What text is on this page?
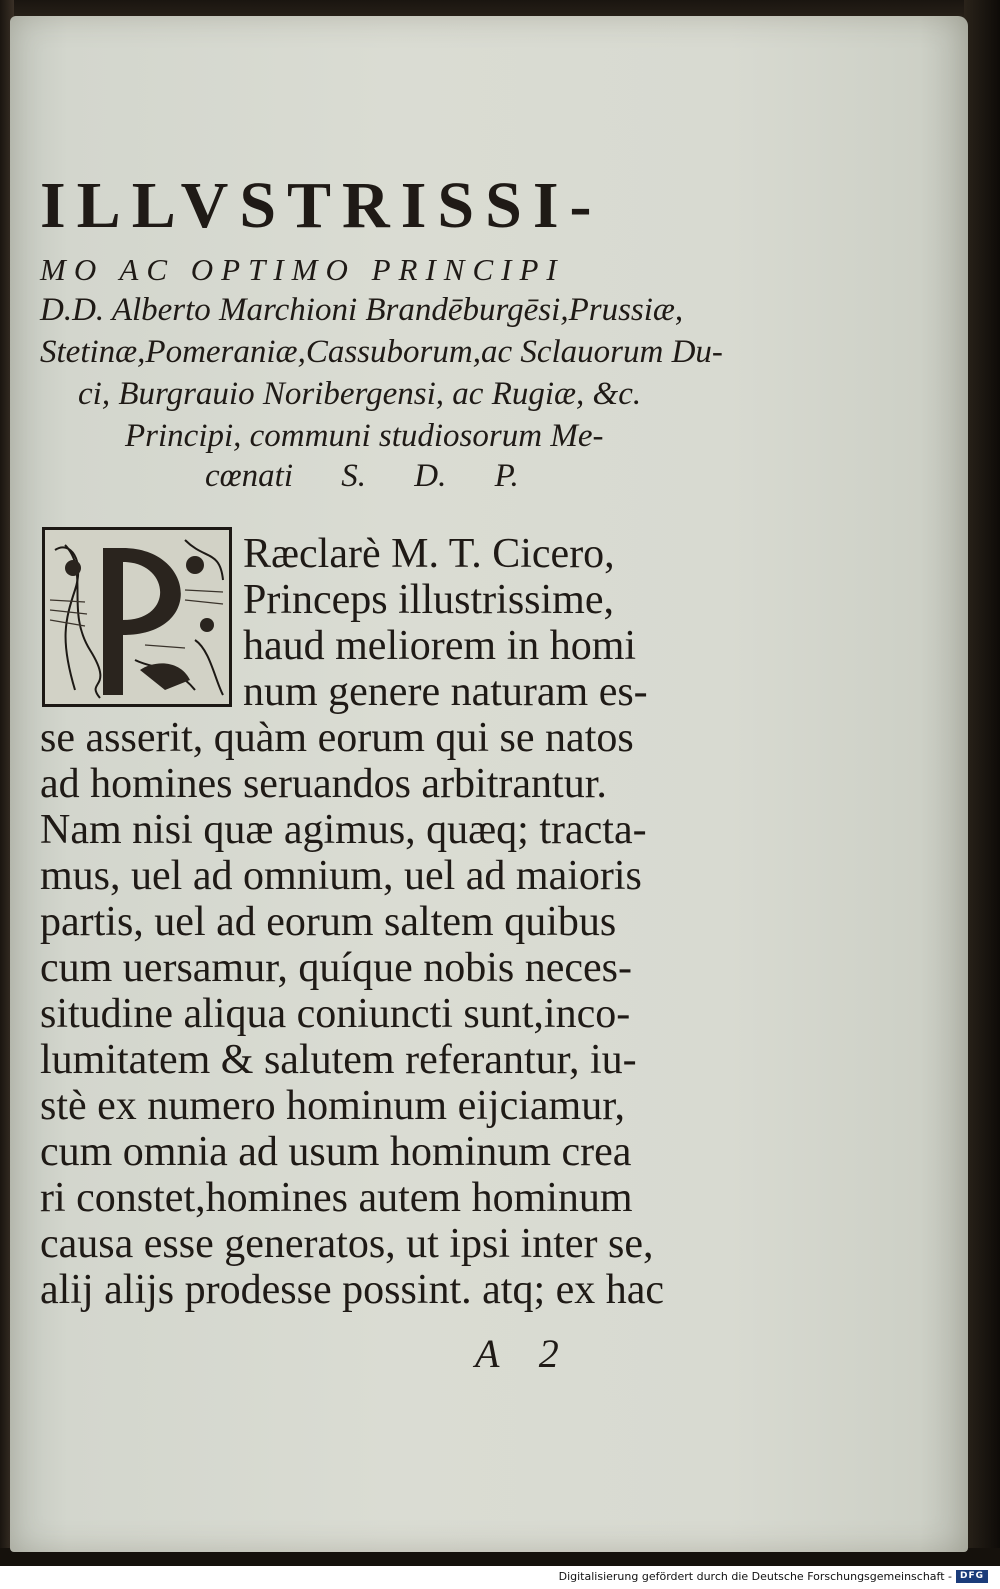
ILLVSTRISSI-
MO AC OPTIMO PRINCIPI
D.D. Alberto Marchioni Brandēburgēsi,Prussiæ,
Stetinæ,Pomeraniæ,Cassuborum,ac Sclauorum Du-
ci, Burgrauio Noribergensi, ac Rugiæ, &c.
Principi, communi studiosorum Me-
cœnati S. D. P.
Ræclarè M. T. Cicero,
Princeps illustrissime,
haud meliorem in homi
num genere naturam es-
se asserit, quàm eorum qui se natos
ad homines seruandos arbitrantur.
Nam nisi quæ agimus, quæq; tracta-
mus, uel ad omnium, uel ad maioris
partis, uel ad eorum saltem quibus
cum uersamur, quíque nobis neces-
situdine aliqua coniuncti sunt,inco-
lumitatem & salutem referantur, iu-
stè ex numero hominum eijciamur,
cum omnia ad usum hominum crea
ri constet,homines autem hominum
causa esse generatos, ut ipsi inter se,
alij alijs prodesse possint. atq; ex hac
A 2
Digitalisierung gefördert durch die Deutsche Forschungsgemeinschaft - DFG
